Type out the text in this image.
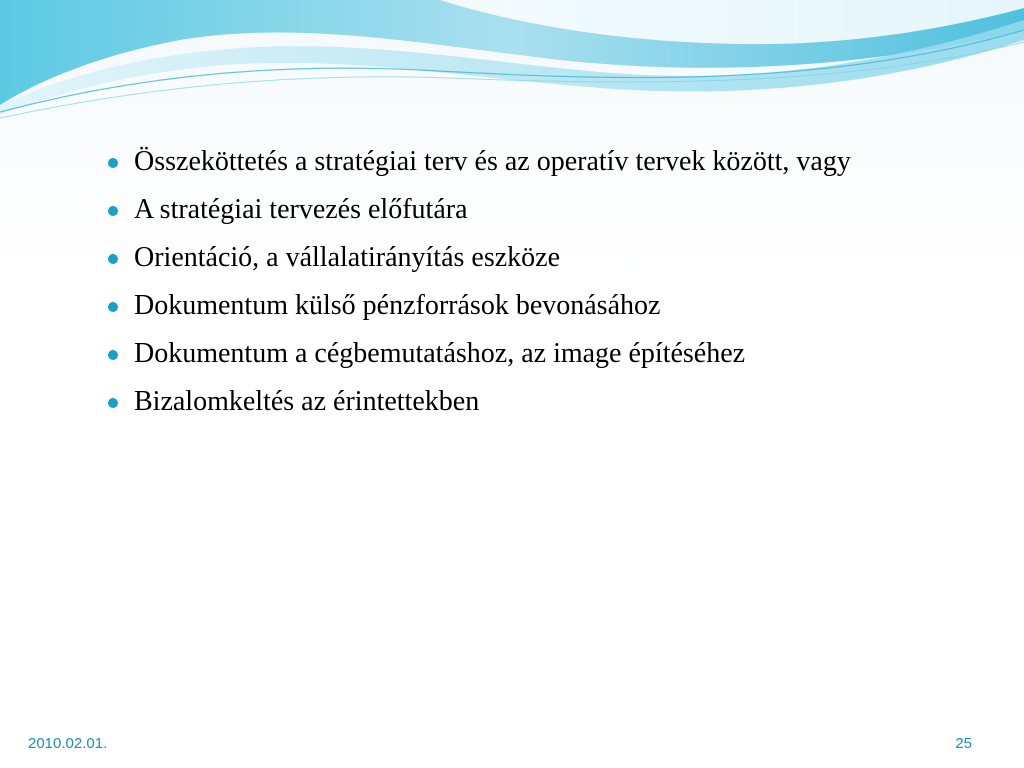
Összeköttetés a stratégiai terv és az operatív tervek között, vagy
A stratégiai tervezés előfutára
Orientáció, a vállalatirányítás eszköze
Dokumentum külső pénzforrások bevonásához
Dokumentum a cégbemutatáshoz, az image építéséhez
Bizalomkeltés az érintettekben
2010.02.01.	25
